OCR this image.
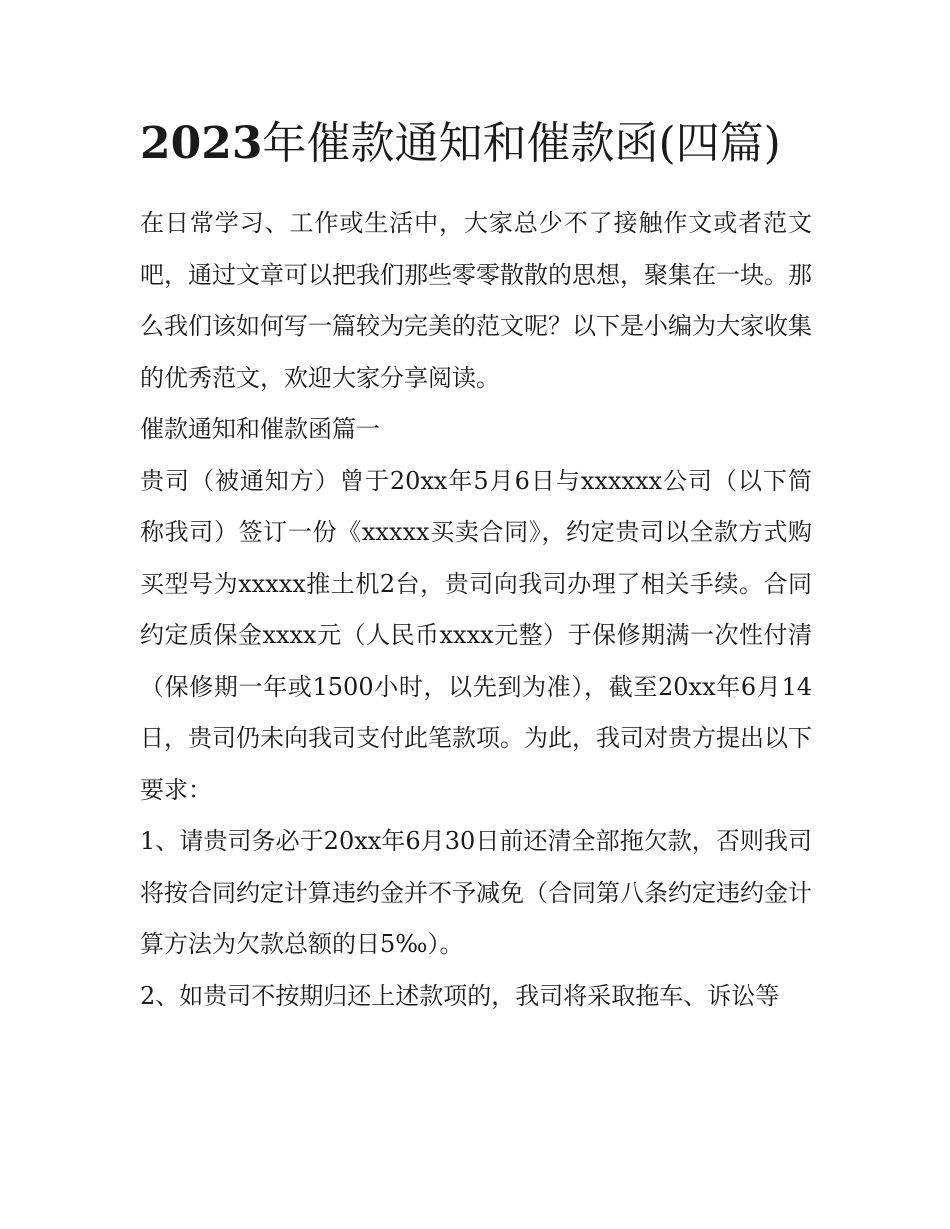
2023年催款通知和催款函(四篇)

在日常学习、工作或生活中，大家总少不了接触作文或者范文吧，通过文章可以把我们那些零零散散的思想，聚集在一块。那么我们该如何写一篇较为完美的范文呢？以下是小编为大家收集的优秀范文，欢迎大家分享阅读。

催款通知和催款函篇一

贵司（被通知方）曾于20xx年5月6日与xxxxxx公司（以下简称我司）签订一份《xxxxx买卖合同》，约定贵司以全款方式购买型号为xxxxx推土机2台，贵司向我司办理了相关手续。合同约定质保金xxxx元（人民币xxxx元整）于保修期满一次性付清（保修期一年或1500小时，以先到为准），截至20xx年6月14日，贵司仍未向我司支付此笔款项。为此，我司对贵方提出以下要求：

1、请贵司务必于20xx年6月30日前还清全部拖欠款，否则我司将按合同约定计算违约金并不予减免（合同第八条约定违约金计算方法为欠款总额的日5‰）。

2、如贵司不按期归还上述款项的，我司将采取拖车、诉讼等
